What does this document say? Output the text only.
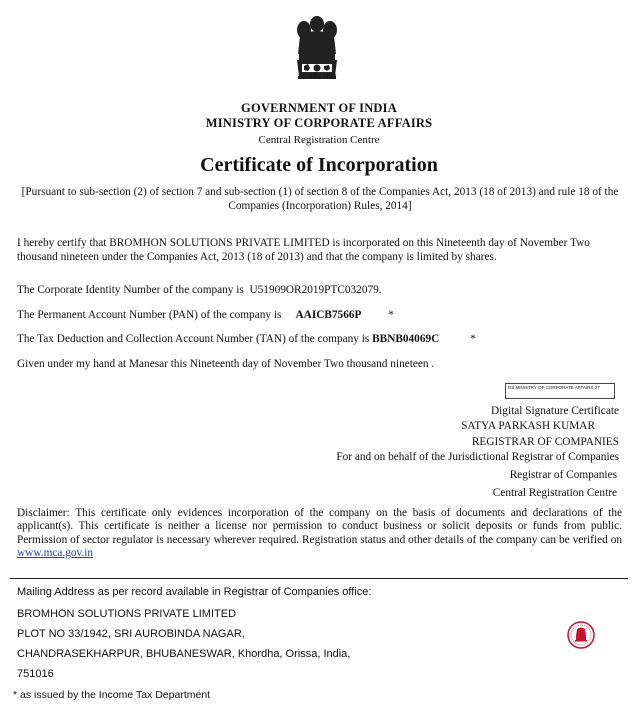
सत्यमेव जयते
GOVERNMENT OF INDIA
MINISTRY OF CORPORATE AFFAIRS
Central Registration Centre
Certificate of Incorporation
[Pursuant to sub-section (2) of section 7 and sub-section (1) of section 8 of the Companies Act, 2013 (18 of 2013) and rule 18 of the Companies (Incorporation) Rules, 2014]
I hereby certify that BROMHON SOLUTIONS PRIVATE LIMITED is incorporated on this Nineteenth day of November Two thousand nineteen under the Companies Act, 2013 (18 of 2013) and that the company is limited by shares.
The Corporate Identity Number of the company is U51909OR2019PTC032079.
The Permanent Account Number (PAN) of the company is AAICB7566P *
The Tax Deduction and Collection Account Number (TAN) of the company is BBNB04069C	*
Given under my hand at Manesar this Nineteenth day of November Two thousand nineteen .
DS MINISTRY OF CORPORATE AFFAIRS 27
Digital Signature Certificate
SATYA PARKASH KUMAR
REGISTRAR OF COMPANIES
For and on behalf of the Jurisdictional Registrar of Companies
Registrar of Companies
Central Registration Centre
Disclaimer: This certificate only evidences incorporation of the company on the basis of documents and declarations of the applicant(s). This certificate is neither a license nor permission to conduct business or solicit deposits or funds from public. Permission of sector regulator is necessary wherever required. Registration status and other details of the company can be verified on www.mca.gov.in
Mailing Address as per record available in Registrar of Companies office:
BROMHON SOLUTIONS PRIVATE LIMITED
PLOT NO 33/1942, SRI AUROBINDA NAGAR,
CHANDRASEKHARPUR, BHUBANESWAR, Khordha, Orissa, India,
751016
* as issued by the Income Tax Department
